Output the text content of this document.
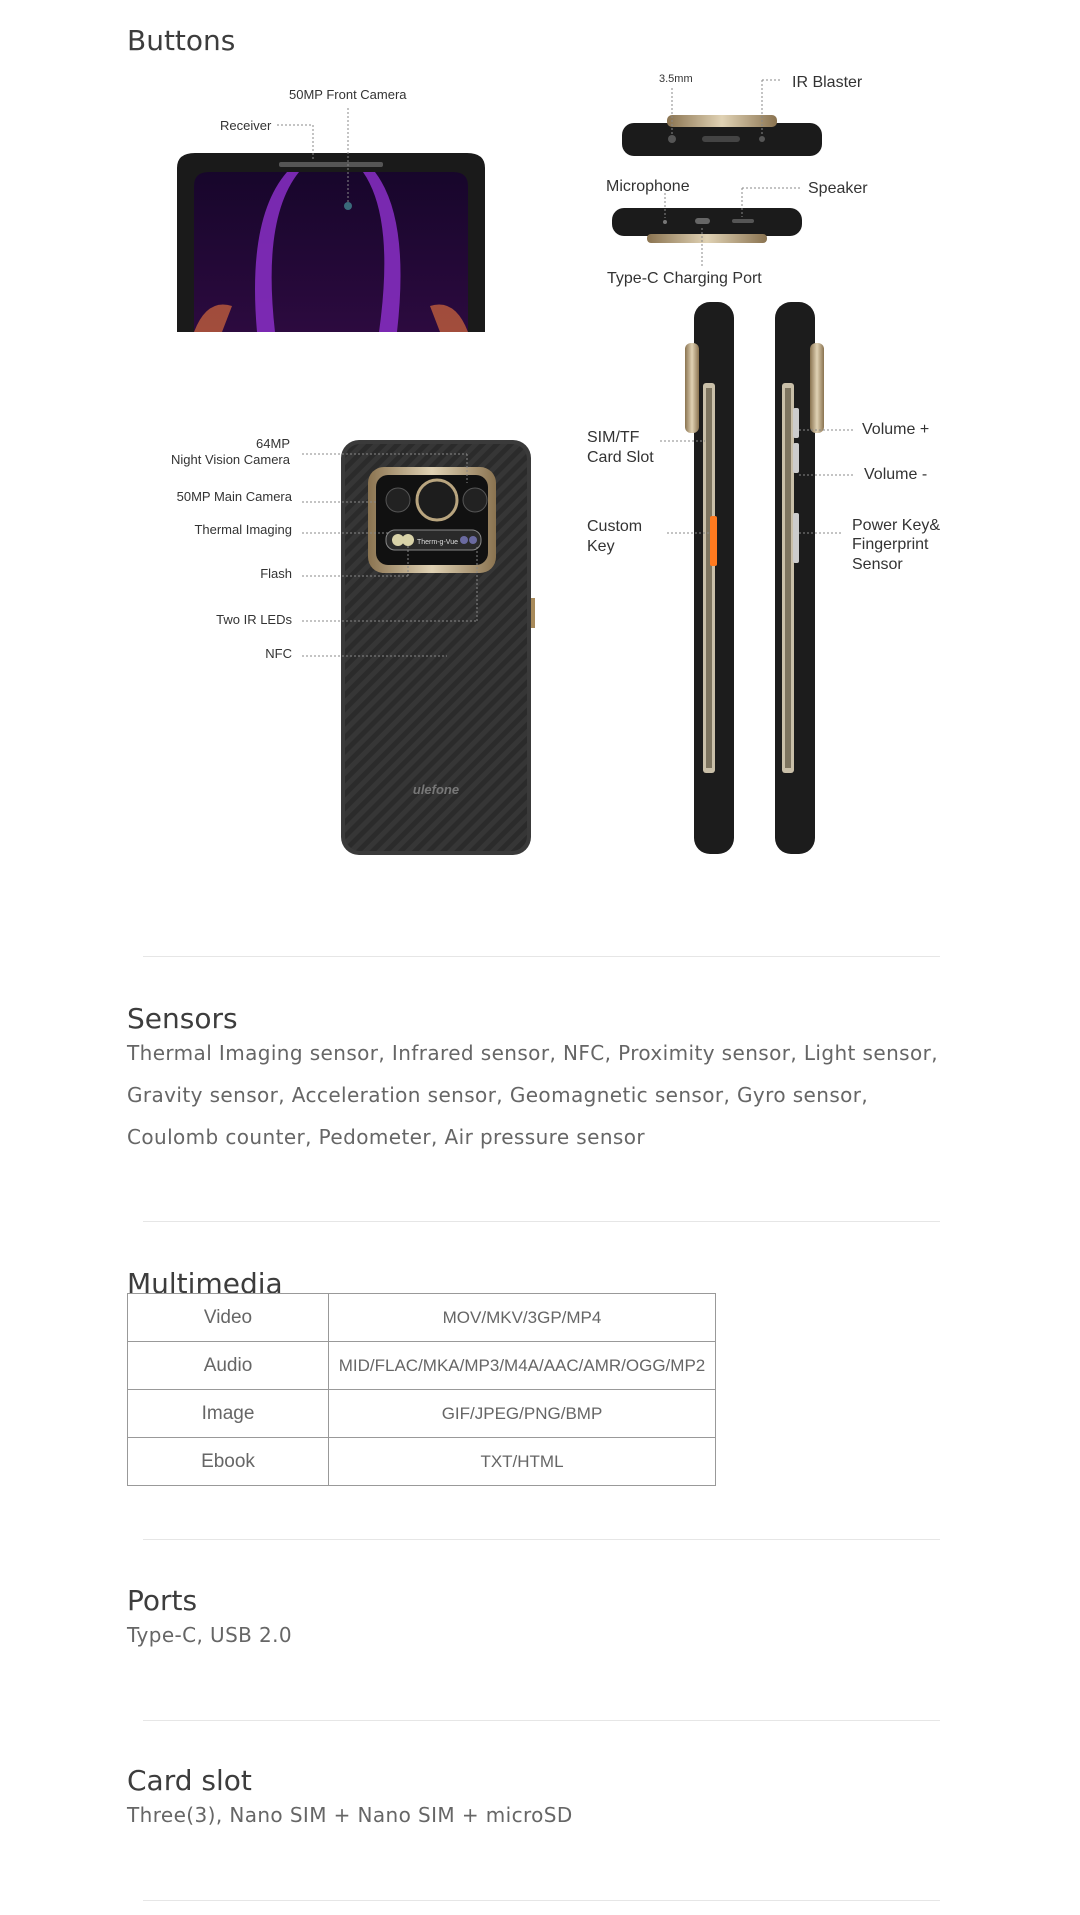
Buttons
Therm-g-Vue
ulefone
50MP Front Camera
Receiver
3.5mm	IR Blaster
Microphone	Speaker
Type-C Charging Port
64MP
Night Vision Camera
50MP Main Camera
Thermal Imaging
Flash
Two IR LEDs
NFC
SIM/TF
Card Slot
Custom
Key
Volume +
Volume -
Power Key&
Fingerprint
Sensor
Sensors

Thermal Imaging sensor, Infrared sensor, NFC, Proximity sensor, Light sensor, Gravity sensor, Acceleration sensor, Geomagnetic sensor, Gyro sensor, Coulomb counter, Pedometer, Air pressure sensor

Multimedia
Video	MOV/MKV/3GP/MP4
Audio	MID/FLAC/MKA/MP3/M4A/AAC/AMR/OGG/MP2
Image	GIF/JPEG/PNG/BMP
Ebook	TXT/HTML
Ports

Type-C, USB 2.0

Card slot

Three(3), Nano SIM + Nano SIM + microSD
